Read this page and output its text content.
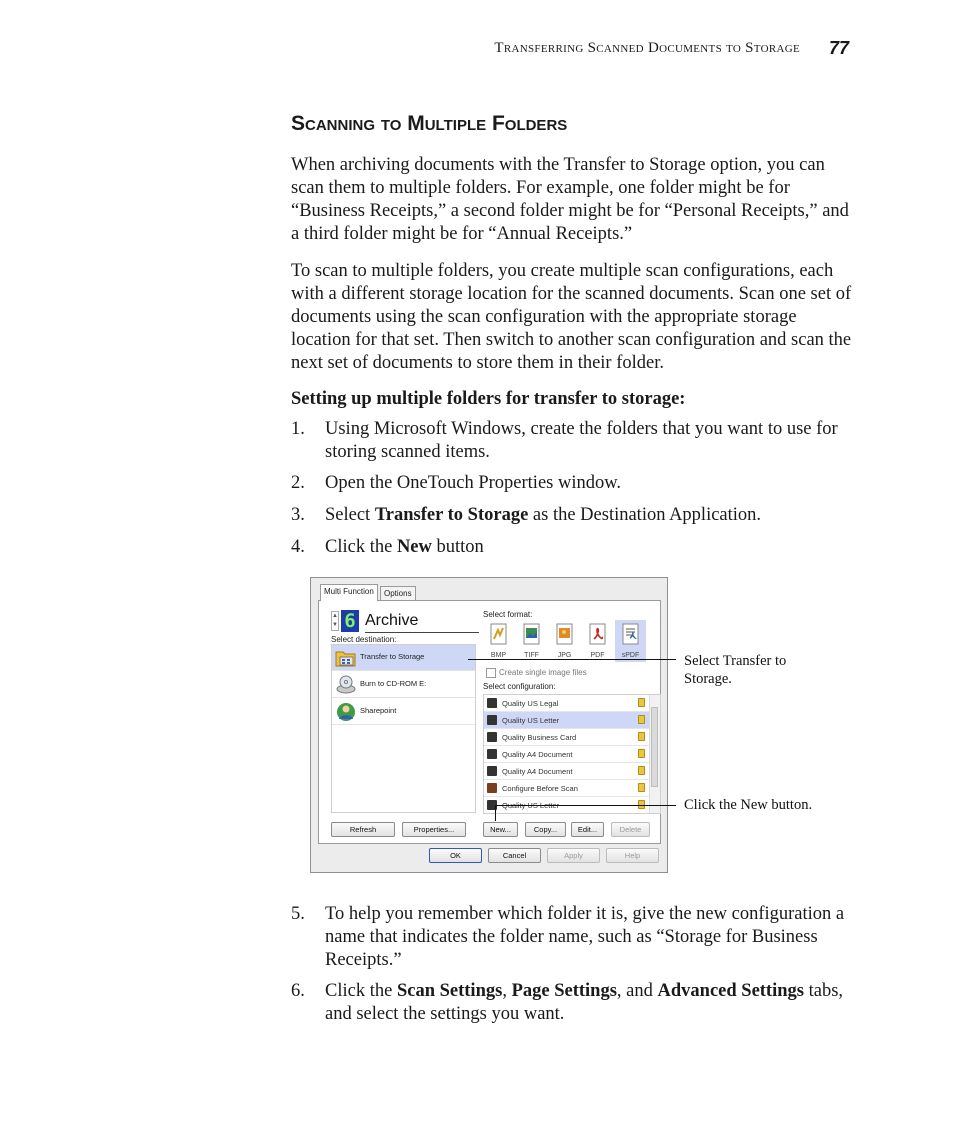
Transferring Scanned Documents to Storage 77
Scanning to Multiple Folders

When archiving documents with the Transfer to Storage option, you can scan them to multiple folders. For example, one folder might be for “Business Receipts,” a second folder might be for “Personal Receipts,” and a third folder might be for “Annual Receipts.”

To scan to multiple folders, you create multiple scan configurations, each with a different storage location for the scanned documents. Scan one set of documents using the scan configuration with the appropriate storage location for that set. Then switch to another scan configuration and scan the next set of documents to store them in their folder.

Setting up multiple folders for transfer to storage:

1. Using Microsoft Windows, create the folders that you want to use for storing scanned items.
2. Open the OneTouch Properties window.
3. Select Transfer to Storage as the Destination Application.
4. Click the New button
Multi Function	Options
▲
▼ 6 Archive
Select destination:
Transfer to Storage
Burn to CD-ROM E:
Sharepoint
Select format:
BMP	TIFF	JPG	PDF	sPDF
Create single image files
Select configuration:
Quality US Legal
Quality US Letter
Quality Business Card
Quality A4 Document
Quality A4 Document
Configure Before Scan
Refresh	Properties...	New...	Copy...	Edit...	Delete
OK	Cancel	Apply	Help
Select Transfer to Storage.
Click the New button.
5. To help you remember which folder it is, give the new configuration a name that indicates the folder name, such as “Storage for Business Receipts.”
6. Click the Scan Settings, Page Settings, and Advanced Settings tabs, and select the settings you want.
